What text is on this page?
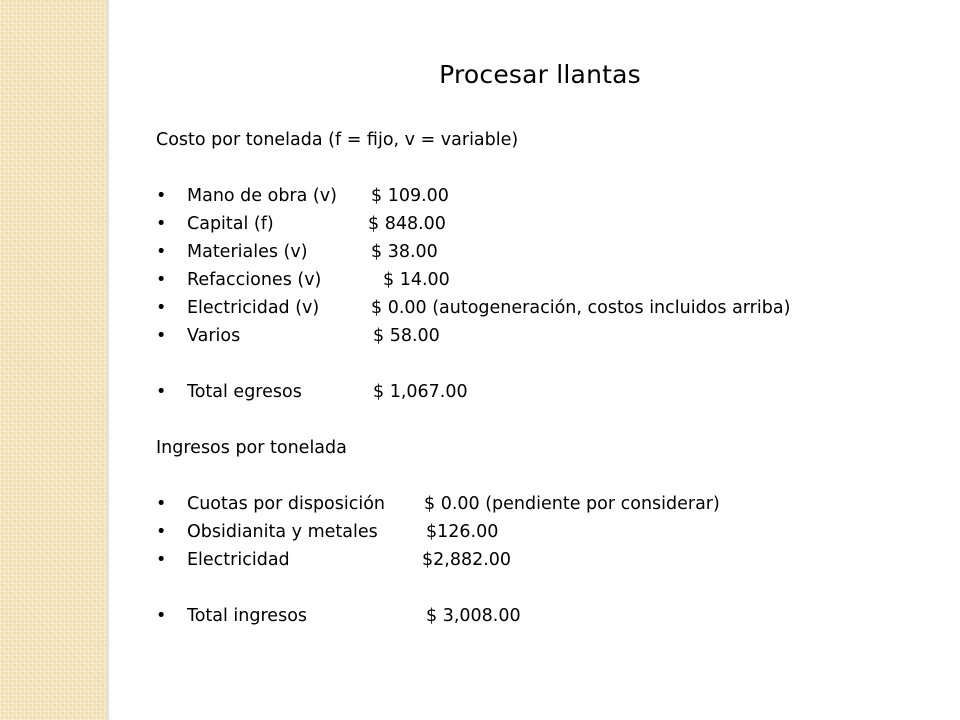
Procesar llantas
Costo por tonelada (f = fijo, v = variable)
•	Mano de obra (v) $ 109.00
•	Capital (f)	$ 848.00
•	Materiales (v)	$ 38.00
•	Refacciones (v)	$ 14.00
•	Electricidad (v)	$ 0.00 (autogeneración, costos incluidos arriba)
•	Varios	$ 58.00
•	Total egresos	$ 1,067.00
Ingresos por tonelada
•	Cuotas por disposición $ 0.00 (pendiente por considerar)
•	Obsidianita y metales	$126.00
•	Electricidad	$2,882.00
•	Total ingresos	$ 3,008.00
